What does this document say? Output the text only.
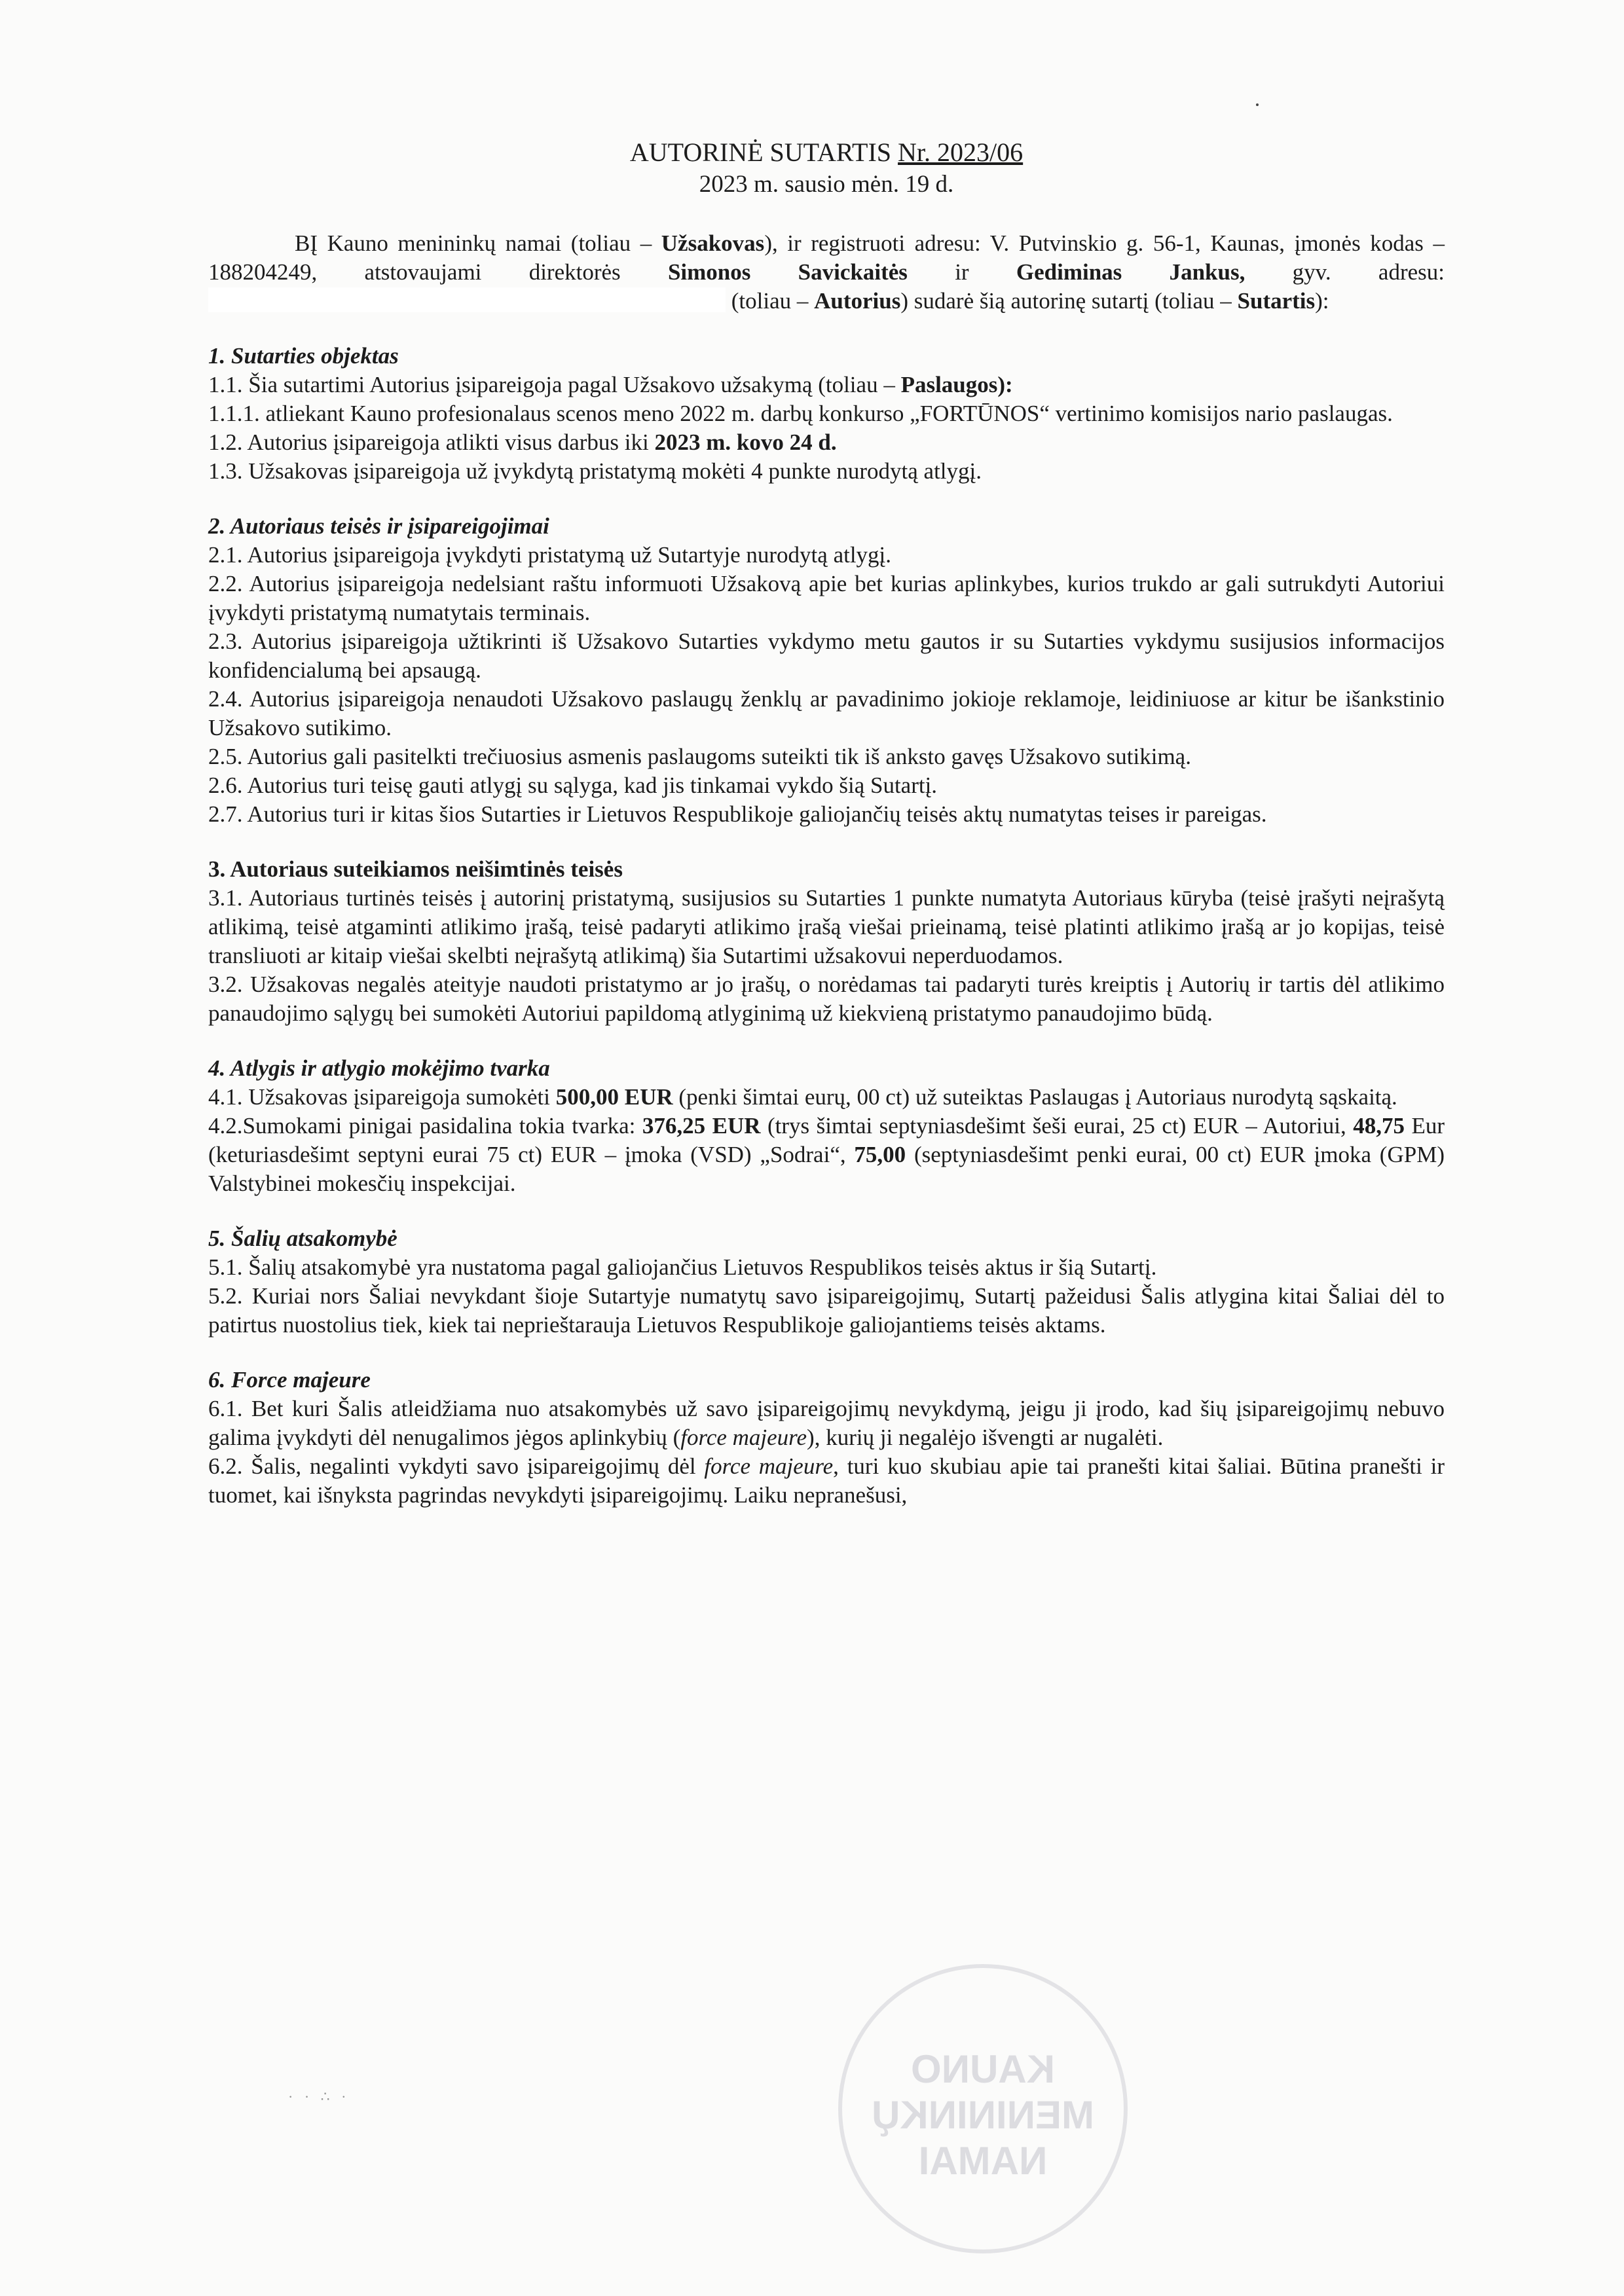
AUTORINĖ SUTARTIS Nr. 2023/06
2023 m. sausio mėn. 19 d.

BĮ Kauno menininkų namai (toliau – Užsakovas), ir registruoti adresu: V. Putvinskio g. 56-1, Kaunas, įmonės kodas – 188204249, atstovaujami direktorės Simonos Savickaitės ir Gediminas Jankus, gyv. adresu:  (toliau – Autorius) sudarė šią autorinę sutartį (toliau – Sutartis):

1. Sutarties objektas

1.1. Šia sutartimi Autorius įsipareigoja pagal Užsakovo užsakymą (toliau – Paslaugos):

1.1.1. atliekant Kauno profesionalaus scenos meno 2022 m. darbų konkurso „FORTŪNOS“ vertinimo komisijos nario paslaugas.

1.2. Autorius įsipareigoja atlikti visus darbus iki 2023 m. kovo 24 d.

1.3. Užsakovas įsipareigoja už įvykdytą pristatymą mokėti 4 punkte nurodytą atlygį.

2. Autoriaus teisės ir įsipareigojimai

2.1. Autorius įsipareigoja įvykdyti pristatymą už Sutartyje nurodytą atlygį.

2.2. Autorius įsipareigoja nedelsiant raštu informuoti Užsakovą apie bet kurias aplinkybes, kurios trukdo ar gali sutrukdyti Autoriui įvykdyti pristatymą numatytais terminais.

2.3. Autorius įsipareigoja užtikrinti iš Užsakovo Sutarties vykdymo metu gautos ir su Sutarties vykdymu susijusios informacijos konfidencialumą bei apsaugą.

2.4. Autorius įsipareigoja nenaudoti Užsakovo paslaugų ženklų ar pavadinimo jokioje reklamoje, leidiniuose ar kitur be išankstinio Užsakovo sutikimo.

2.5. Autorius gali pasitelkti trečiuosius asmenis paslaugoms suteikti tik iš anksto gavęs Užsakovo sutikimą.

2.6. Autorius turi teisę gauti atlygį su sąlyga, kad jis tinkamai vykdo šią Sutartį.

2.7. Autorius turi ir kitas šios Sutarties ir Lietuvos Respublikoje galiojančių teisės aktų numatytas teises ir pareigas.

3. Autoriaus suteikiamos neišimtinės teisės

3.1. Autoriaus turtinės teisės į autorinį pristatymą, susijusios su Sutarties 1 punkte numatyta Autoriaus kūryba (teisė įrašyti neįrašytą atlikimą, teisė atgaminti atlikimo įrašą, teisė padaryti atlikimo įrašą viešai prieinamą, teisė platinti atlikimo įrašą ar jo kopijas, teisė transliuoti ar kitaip viešai skelbti neįrašytą atlikimą) šia Sutartimi užsakovui neperduodamos.

3.2. Užsakovas negalės ateityje naudoti pristatymo ar jo įrašų, o norėdamas tai padaryti turės kreiptis į Autorių ir tartis dėl atlikimo panaudojimo sąlygų bei sumokėti Autoriui papildomą atlyginimą už kiekvieną pristatymo panaudojimo būdą.

4. Atlygis ir atlygio mokėjimo tvarka

4.1. Užsakovas įsipareigoja sumokėti 500,00 EUR (penki šimtai eurų, 00 ct) už suteiktas Paslaugas į Autoriaus nurodytą sąskaitą.

4.2.Sumokami pinigai pasidalina tokia tvarka: 376,25 EUR (trys šimtai septyniasdešimt šeši eurai, 25 ct) EUR – Autoriui, 48,75 Eur (keturiasdešimt septyni eurai 75 ct) EUR – įmoka (VSD) „Sodrai“, 75,00 (septyniasdešimt penki eurai, 00 ct) EUR įmoka (GPM) Valstybinei mokesčių inspekcijai.

5. Šalių atsakomybė

5.1. Šalių atsakomybė yra nustatoma pagal galiojančius Lietuvos Respublikos teisės aktus ir šią Sutartį.

5.2. Kuriai nors Šaliai nevykdant šioje Sutartyje numatytų savo įsipareigojimų, Sutartį pažeidusi Šalis atlygina kitai Šaliai dėl to patirtus nuostolius tiek, kiek tai neprieštarauja Lietuvos Respublikoje galiojantiems teisės aktams.

6. Force majeure

6.1. Bet kuri Šalis atleidžiama nuo atsakomybės už savo įsipareigojimų nevykdymą, jeigu ji įrodo, kad šių įsipareigojimų nebuvo galima įvykdyti dėl nenugalimos jėgos aplinkybių (force majeure), kurių ji negalėjo išvengti ar nugalėti.

6.2. Šalis, negalinti vykdyti savo įsipareigojimų dėl force majeure, turi kuo skubiau apie tai pranešti kitai šaliai. Būtina pranešti ir tuomet, kai išnyksta pagrindas nevykdyti įsipareigojimų. Laiku nepranešusi,

KAUNO MENININKŲ NAMAI
· · ∴ ·
